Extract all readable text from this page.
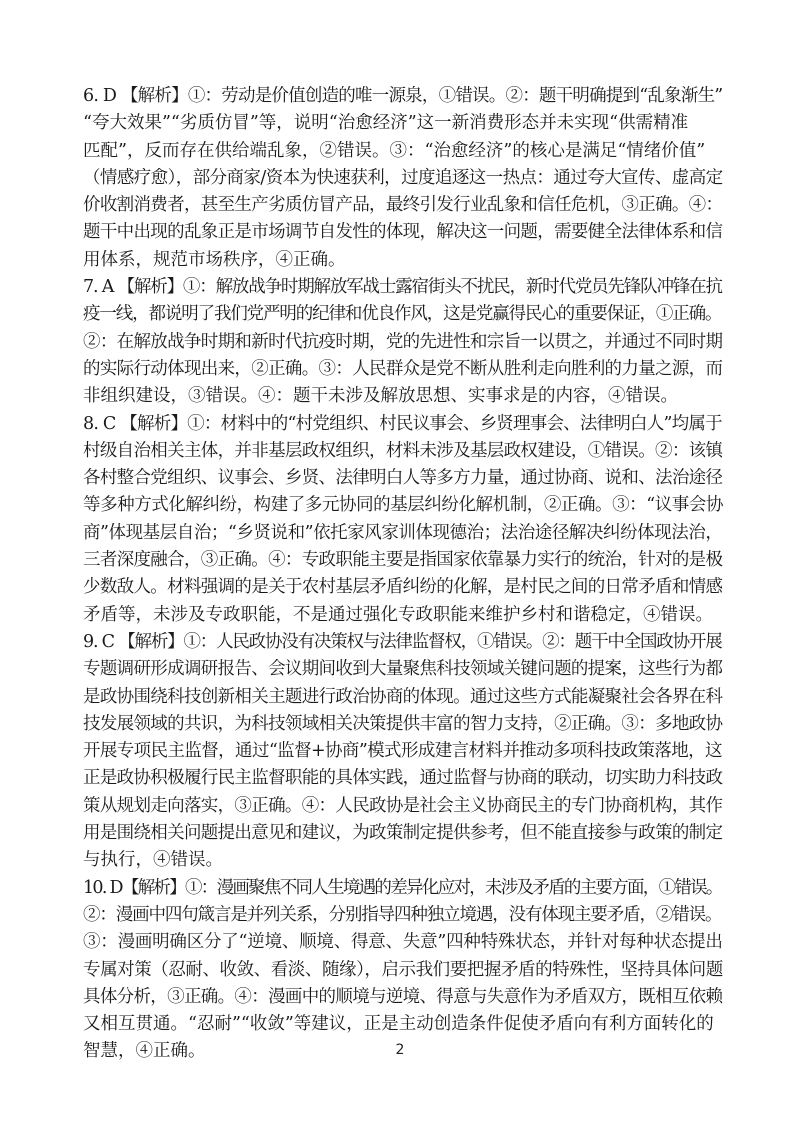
6. D 【解析】①：劳动是价值创造的唯一源泉，①错误。②：题干明确提到“乱象渐生”
“夸大效果”“劣质仿冒”等，说明“治愈经济”这一新消费形态并未实现“供需精准
匹配”，反而存在供给端乱象，②错误。③：“治愈经济”的核心是满足“情绪价值”
（情感疗愈），部分商家/资本为快速获利，过度追逐这一热点：通过夸大宣传、虚高定
价收割消费者，甚至生产劣质仿冒产品，最终引发行业乱象和信任危机，③正确。④：
题干中出现的乱象正是市场调节自发性的体现，解决这一问题，需要健全法律体系和信
用体系，规范市场秩序，④正确。
7. A 【解析】①：解放战争时期解放军战士露宿街头不扰民，新时代党员先锋队冲锋在抗
疫一线，都说明了我们党严明的纪律和优良作风，这是党赢得民心的重要保证，①正确。
②：在解放战争时期和新时代抗疫时期，党的先进性和宗旨一以贯之，并通过不同时期
的实际行动体现出来，②正确。③：人民群众是党不断从胜利走向胜利的力量之源，而
非组织建设，③错误。④：题干未涉及解放思想、实事求是的内容，④错误。
8. C 【解析】①：材料中的“村党组织、村民议事会、乡贤理事会、法律明白人”均属于
村级自治相关主体，并非基层政权组织，材料未涉及基层政权建设，①错误。②：该镇
各村整合党组织、议事会、乡贤、法律明白人等多方力量，通过协商、说和、法治途径
等多种方式化解纠纷，构建了多元协同的基层纠纷化解机制，②正确。③：“议事会协
商”体现基层自治；“乡贤说和”依托家风家训体现德治；法治途径解决纠纷体现法治，
三者深度融合，③正确。④：专政职能主要是指国家依靠暴力实行的统治，针对的是极
少数敌人。材料强调的是关于农村基层矛盾纠纷的化解，是村民之间的日常矛盾和情感
矛盾等，未涉及专政职能，不是通过强化专政职能来维护乡村和谐稳定，④错误。
9. C 【解析】①：人民政协没有决策权与法律监督权，①错误。②：题干中全国政协开展
专题调研形成调研报告、会议期间收到大量聚焦科技领域关键问题的提案，这些行为都
是政协围绕科技创新相关主题进行政治协商的体现。通过这些方式能凝聚社会各界在科
技发展领域的共识，为科技领域相关决策提供丰富的智力支持，②正确。③：多地政协
开展专项民主监督，通过“监督+协商”模式形成建言材料并推动多项科技政策落地，这
正是政协积极履行民主监督职能的具体实践，通过监督与协商的联动，切实助力科技政
策从规划走向落实，③正确。④：人民政协是社会主义协商民主的专门协商机构，其作
用是围绕相关问题提出意见和建议，为政策制定提供参考，但不能直接参与政策的制定
与执行，④错误。
10. D【解析】①：漫画聚焦不同人生境遇的差异化应对，未涉及矛盾的主要方面，①错误。
②：漫画中四句箴言是并列关系，分别指导四种独立境遇，没有体现主要矛盾，②错误。
③：漫画明确区分了“逆境、顺境、得意、失意”四种特殊状态，并针对每种状态提出
专属对策（忍耐、收敛、看淡、随缘），启示我们要把握矛盾的特殊性，坚持具体问题
具体分析，③正确。④：漫画中的顺境与逆境、得意与失意作为矛盾双方，既相互依赖
又相互贯通。“忍耐”“收敛”等建议，正是主动创造条件促使矛盾向有利方面转化的
智慧，④正确。	2
